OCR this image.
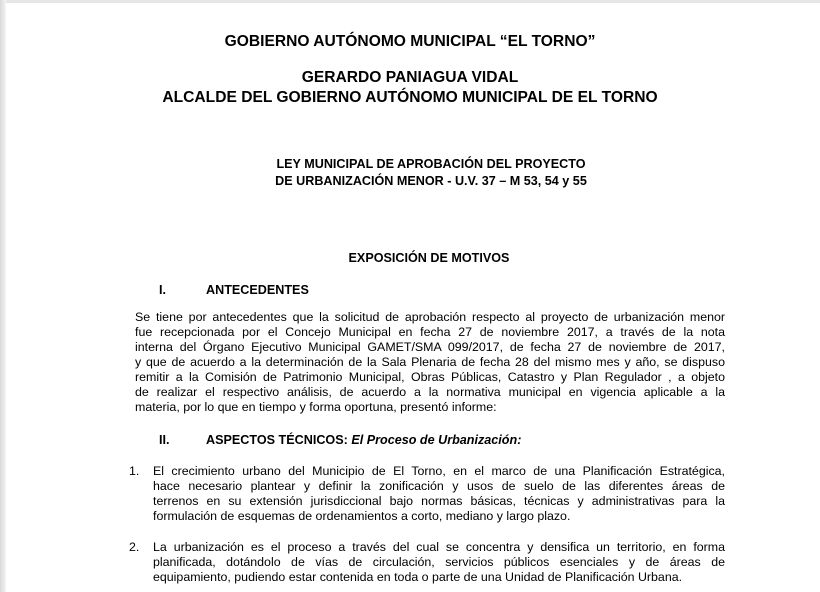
GOBIERNO AUTÓNOMO MUNICIPAL “EL TORNO”
GERARDO PANIAGUA VIDAL
ALCALDE DEL GOBIERNO AUTÓNOMO MUNICIPAL DE EL TORNO
LEY MUNICIPAL DE APROBACIÓN DEL PROYECTO
DE URBANIZACIÓN MENOR - U.V. 37 – M 53, 54 y 55
EXPOSICIÓN DE MOTIVOS
I.	ANTECEDENTES
Se tiene por antecedentes que la solicitud de aprobación respecto al proyecto de urbanización menor
fue recepcionada por el Concejo Municipal en fecha 27 de noviembre 2017, a través de la nota
interna del Órgano Ejecutivo Municipal GAMET/SMA 099/2017, de fecha 27 de noviembre de 2017,
y que de acuerdo a la determinación de la Sala Plenaria de fecha 28 del mismo mes y año, se dispuso
remitir a la Comisión de Patrimonio Municipal, Obras Públicas, Catastro y Plan Regulador , a objeto
de realizar el respectivo análisis, de acuerdo a la normativa municipal en vigencia aplicable a la
materia, por lo que en tiempo y forma oportuna, presentó informe:
II.	ASPECTOS TÉCNICOS: El Proceso de Urbanización:
1. El crecimiento urbano del Municipio de El Torno, en el marco de una Planificación Estratégica,
hace necesario plantear y definir la zonificación y usos de suelo de las diferentes áreas de
terrenos en su extensión jurisdiccional bajo normas básicas, técnicas y administrativas para la
formulación de esquemas de ordenamientos a corto, mediano y largo plazo.
2. La urbanización es el proceso a través del cual se concentra y densifica un territorio, en forma
planificada, dotándolo de vías de circulación, servicios públicos esenciales y de áreas de
equipamiento, pudiendo estar contenida en toda o parte de una Unidad de Planificación Urbana.
